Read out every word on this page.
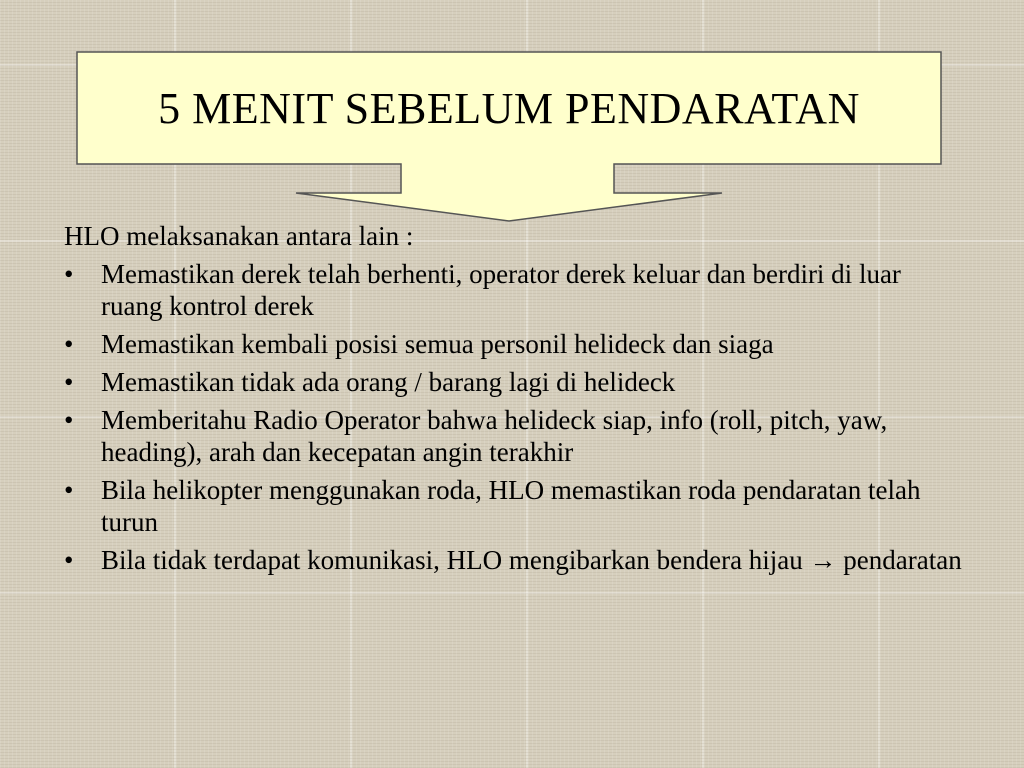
5 MENIT SEBELUM PENDARATAN
HLO melaksanakan antara lain :
• Memastikan derek telah berhenti, operator derek keluar dan berdiri di luar ruang kontrol derek
• Memastikan kembali posisi semua personil helideck dan siaga
• Memastikan tidak ada orang / barang lagi di helideck
• Memberitahu Radio Operator bahwa helideck siap, info (roll, pitch, yaw, heading), arah dan kecepatan angin terakhir
• Bila helikopter menggunakan roda, HLO memastikan roda pendaratan telah turun
• Bila tidak terdapat komunikasi, HLO mengibarkan bendera hijau → pendaratan
